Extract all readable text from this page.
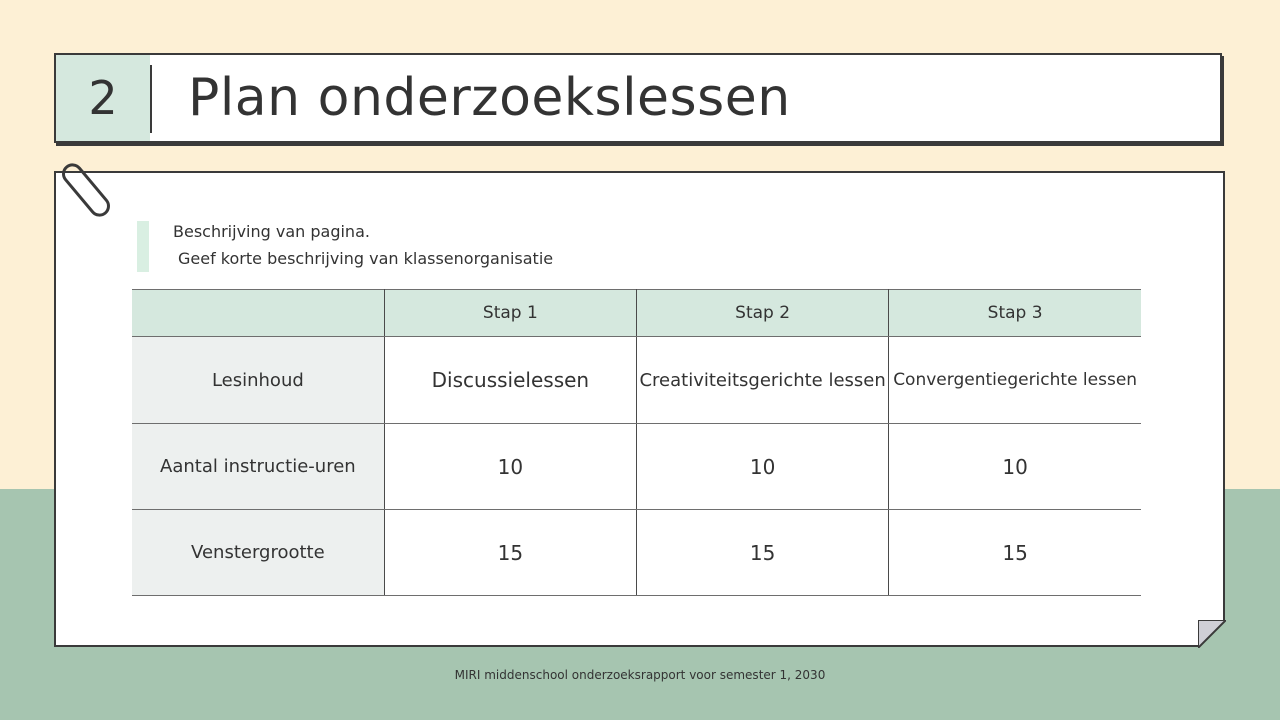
2	Plan onderzoekslessen
Beschrijving van pagina.
Geef korte beschrijving van klassenorganisatie
	Stap 1	Stap 2	Stap 3
Lesinhoud	Discussielessen	Creativiteitsgerichte lessen	Convergentiegerichte lessen
Aantal instructie-uren	10	10	10
Venstergrootte	15	15	15
MIRI middenschool onderzoeksrapport voor semester 1, 2030
